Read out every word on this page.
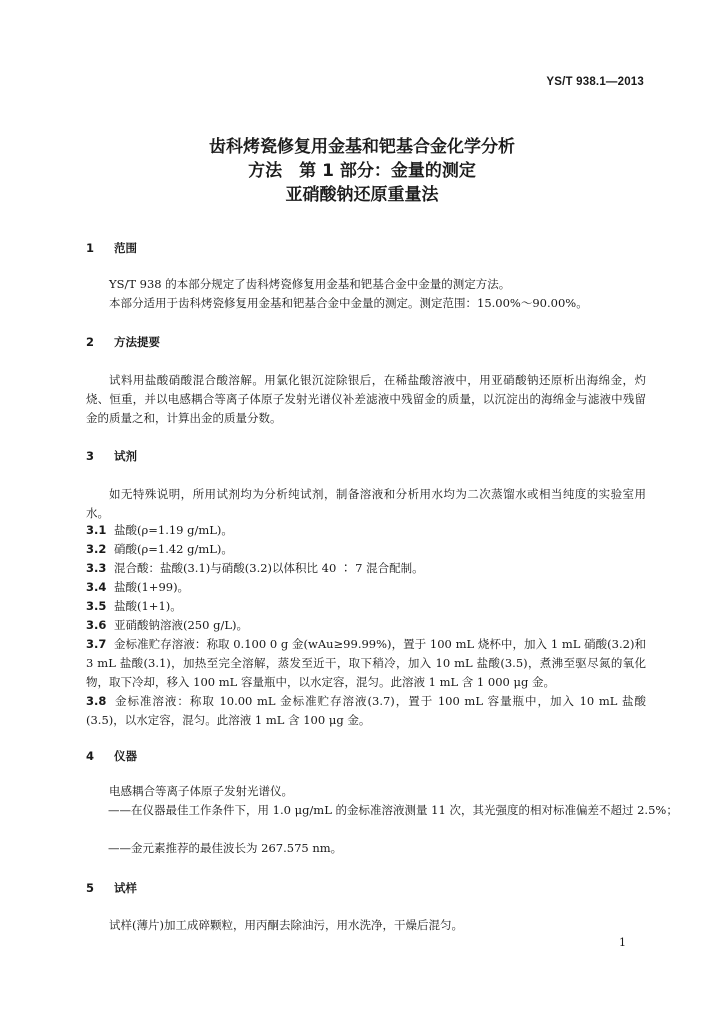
YS/T 938.1—2013
齿科烤瓷修复用金基和钯基合金化学分析
方法　第 1 部分：金量的测定
亚硝酸钠还原重量法
1 范围

YS/T 938 的本部分规定了齿科烤瓷修复用金基和钯基合金中金量的测定方法。

本部分适用于齿科烤瓷修复用金基和钯基合金中金量的测定。测定范围：15.00%～90.00%。

2 方法提要

试料用盐酸硝酸混合酸溶解。用氯化银沉淀除银后，在稀盐酸溶液中，用亚硝酸钠还原析出海绵金，灼烧、恒重，并以电感耦合等离子体原子发射光谱仪补差滤液中残留金的质量，以沉淀出的海绵金与滤液中残留金的质量之和，计算出金的质量分数。

3 试剂

如无特殊说明，所用试剂均为分析纯试剂，制备溶液和分析用水均为二次蒸馏水或相当纯度的实验室用水。

3.1 盐酸(ρ=1.19 g/mL)。

3.2 硝酸(ρ=1.42 g/mL)。

3.3 混合酸：盐酸(3.1)与硝酸(3.2)以体积比 40 ∶ 7 混合配制。

3.4 盐酸(1+99)。

3.5 盐酸(1+1)。

3.6 亚硝酸钠溶液(250 g/L)。

3.7 金标准贮存溶液：称取 0.100 0 g 金(wAu≥99.99%)，置于 100 mL 烧杯中，加入 1 mL 硝酸(3.2)和 3 mL 盐酸(3.1)，加热至完全溶解，蒸发至近干，取下稍冷，加入 10 mL 盐酸(3.5)，煮沸至驱尽氮的氧化物，取下冷却，移入 100 mL 容量瓶中，以水定容，混匀。此溶液 1 mL 含 1 000 μg 金。

3.8 金标准溶液：称取 10.00 mL 金标准贮存溶液(3.7)，置于 100 mL 容量瓶中，加入 10 mL 盐酸(3.5)，以水定容，混匀。此溶液 1 mL 含 100 μg 金。

4 仪器

电感耦合等离子体原子发射光谱仪。

——在仪器最佳工作条件下，用 1.0 μg/mL 的金标准溶液测量 11 次，其光强度的相对标准偏差不超过 2.5%；

——金元素推荐的最佳波长为 267.575 nm。

5 试样

试样(薄片)加工成碎颗粒，用丙酮去除油污，用水洗净，干燥后混匀。

1
